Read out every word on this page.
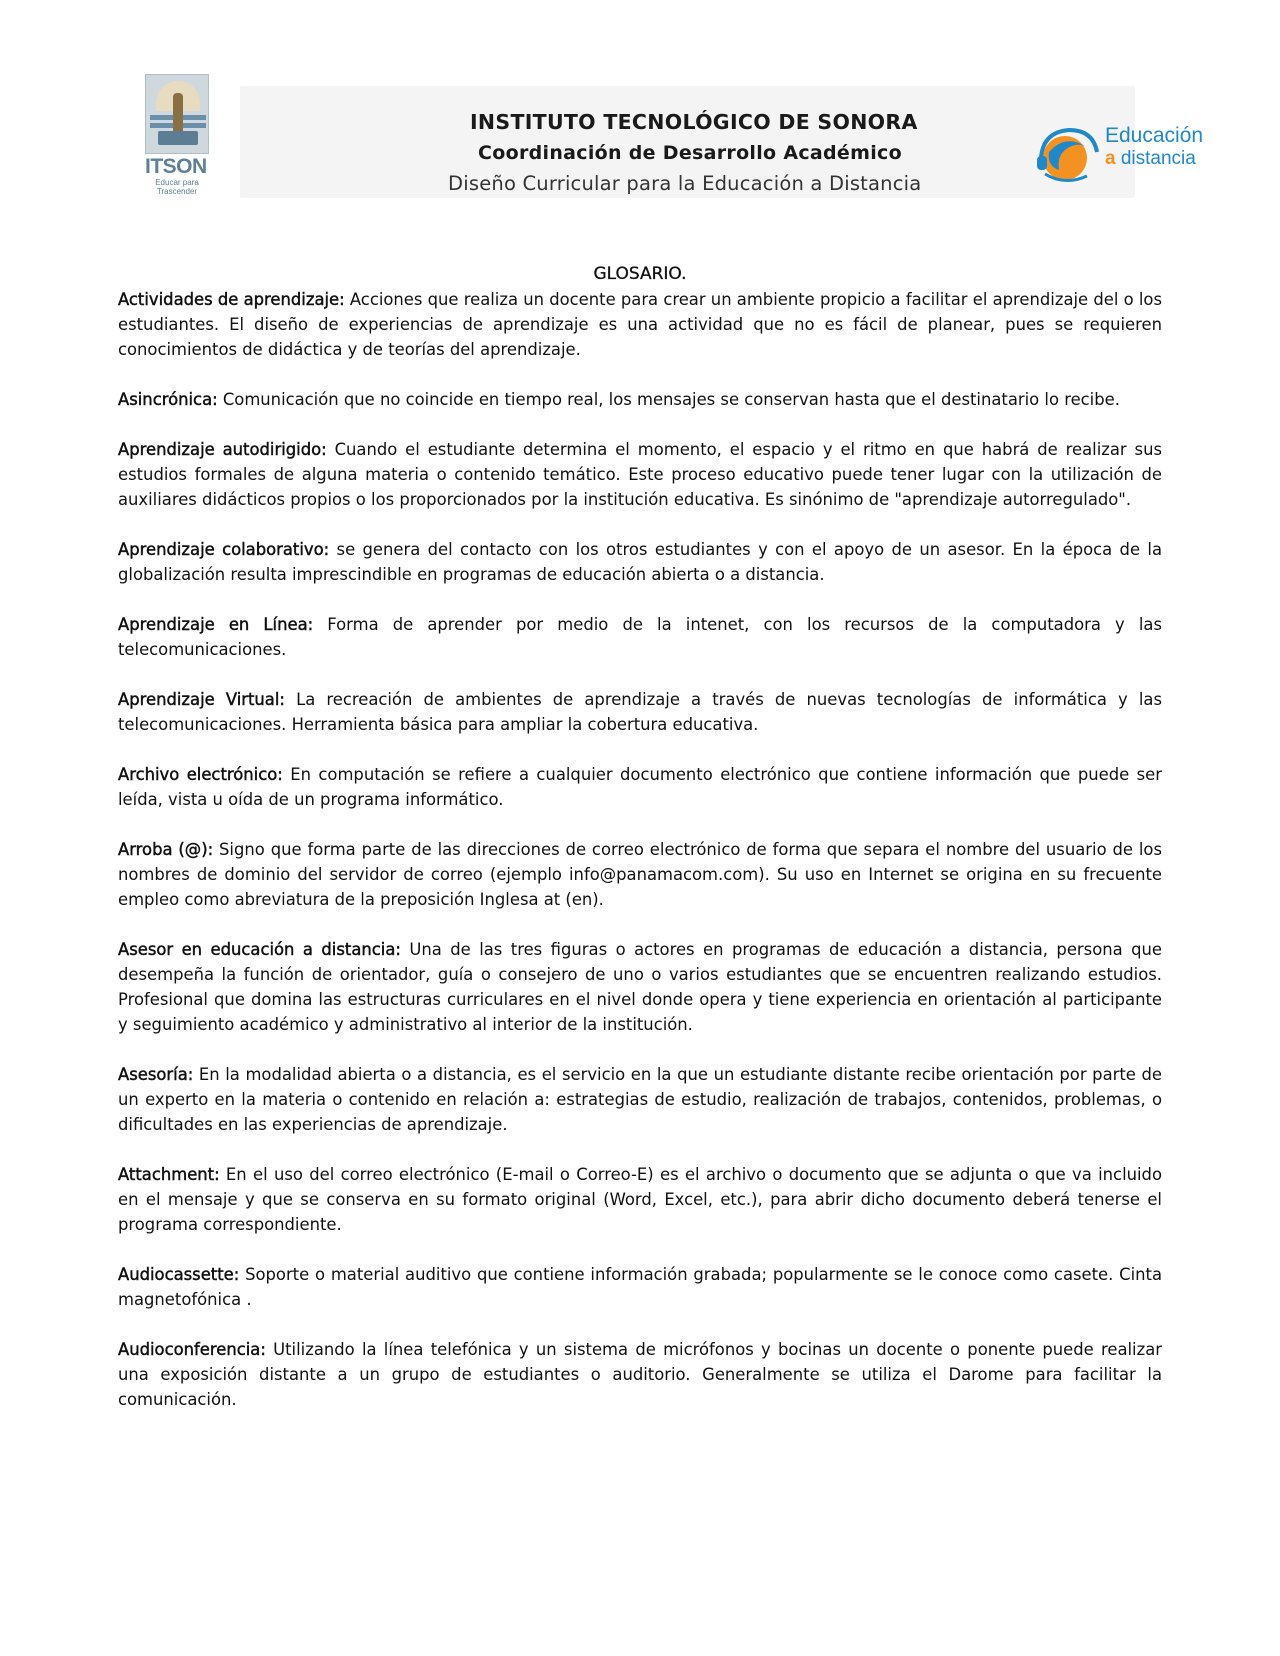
ITSON
Educar para
Trascender
INSTITUTO TECNOLÓGICO DE SONORA
Coordinación de Desarrollo Académico
Diseño Curricular para la Educación a Distancia
Educación
a distancia
GLOSARIO.

Actividades de aprendizaje: Acciones que realiza un docente para crear un ambiente propicio a facilitar el aprendizaje del o los estudiantes. El diseño de experiencias de aprendizaje es una actividad que no es fácil de planear, pues se requieren conocimientos de didáctica y de teorías del aprendizaje.

Asincrónica: Comunicación que no coincide en tiempo real, los mensajes se conservan hasta que el destinatario lo recibe.

Aprendizaje autodirigido: Cuando el estudiante determina el momento, el espacio y el ritmo en que habrá de realizar sus estudios formales de alguna materia o contenido temático. Este proceso educativo puede tener lugar con la utilización de auxiliares didácticos propios o los proporcionados por la institución educativa. Es sinónimo de "aprendizaje autorregulado".

Aprendizaje colaborativo: se genera del contacto con los otros estudiantes y con el apoyo de un asesor. En la época de la globalización resulta imprescindible en programas de educación abierta o a distancia.

Aprendizaje en Línea: Forma de aprender por medio de la intenet, con los recursos de la computadora y las telecomunicaciones.

Aprendizaje Virtual: La recreación de ambientes de aprendizaje a través de nuevas tecnologías de informática y las telecomunicaciones. Herramienta básica para ampliar la cobertura educativa.

Archivo electrónico: En computación se refiere a cualquier documento electrónico que contiene información que puede ser leída, vista u oída de un programa informático.

Arroba (@): Signo que forma parte de las direcciones de correo electrónico de forma que separa el nombre del usuario de los nombres de dominio del servidor de correo (ejemplo info@panamacom.com). Su uso en Internet se origina en su frecuente empleo como abreviatura de la preposición Inglesa at (en).

Asesor en educación a distancia: Una de las tres figuras o actores en programas de educación a distancia, persona que desempeña la función de orientador, guía o consejero de uno o varios estudiantes que se encuentren realizando estudios. Profesional que domina las estructuras curriculares en el nivel donde opera y tiene experiencia en orientación al participante y seguimiento académico y administrativo al interior de la institución.

Asesoría: En la modalidad abierta o a distancia, es el servicio en la que un estudiante distante recibe orientación por parte de un experto en la materia o contenido en relación a: estrategias de estudio, realización de trabajos, contenidos, problemas, o dificultades en las experiencias de aprendizaje.

Attachment: En el uso del correo electrónico (E-mail o Correo-E) es el archivo o documento que se adjunta o que va incluido en el mensaje y que se conserva en su formato original (Word, Excel, etc.), para abrir dicho documento deberá tenerse el programa correspondiente.

Audiocassette: Soporte o material auditivo que contiene información grabada; popularmente se le conoce como casete. Cinta magnetofónica .

Audioconferencia: Utilizando la línea telefónica y un sistema de micrófonos y bocinas un docente o ponente puede realizar una exposición distante a un grupo de estudiantes o auditorio. Generalmente se utiliza el Darome para facilitar la comunicación.
